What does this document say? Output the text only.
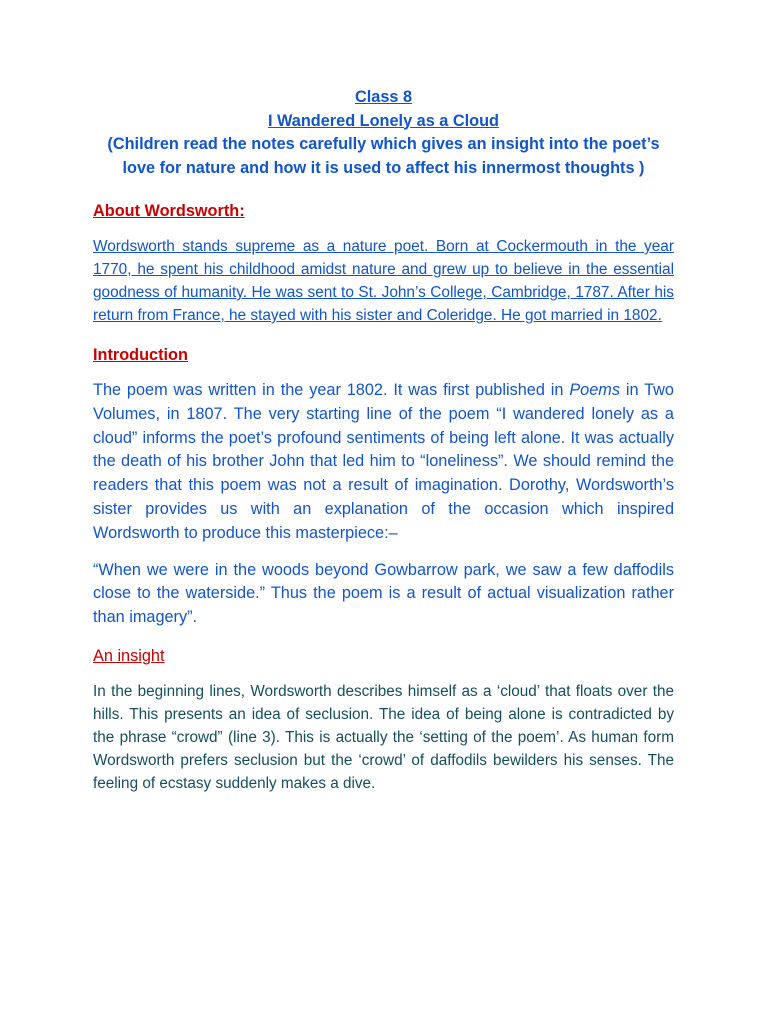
Class 8
I Wandered Lonely as a Cloud
(Children read the notes carefully which gives an insight into the poet’s love for nature and how it is used to affect his innermost thoughts )
About Wordsworth:

Wordsworth stands supreme as a nature poet. Born at Cockermouth in the year 1770, he spent his childhood amidst nature and grew up to believe in the essential goodness of humanity. He was sent to St. John’s College, Cambridge, 1787. After his return from France, he stayed with his sister and Coleridge. He got married in 1802.

Introduction

The poem was written in the year 1802. It was first published in Poems in Two Volumes, in 1807. The very starting line of the poem “I wandered lonely as a cloud” informs the poet’s profound sentiments of being left alone. It was actually the death of his brother John that led him to “loneliness”. We should remind the readers that this poem was not a result of imagination. Dorothy, Wordsworth’s sister provides us with an explanation of the occasion which inspired Wordsworth to produce this masterpiece:–

“When we were in the woods beyond Gowbarrow park, we saw a few daffodils close to the waterside.” Thus the poem is a result of actual visualization rather than imagery”.

An insight

In the beginning lines, Wordsworth describes himself as a ‘cloud’ that floats over the hills. This presents an idea of seclusion. The idea of being alone is contradicted by the phrase “crowd” (line 3). This is actually the ‘setting of the poem’. As human form Wordsworth prefers seclusion but the ‘crowd’ of daffodils bewilders his senses. The feeling of ecstasy suddenly makes a dive.
